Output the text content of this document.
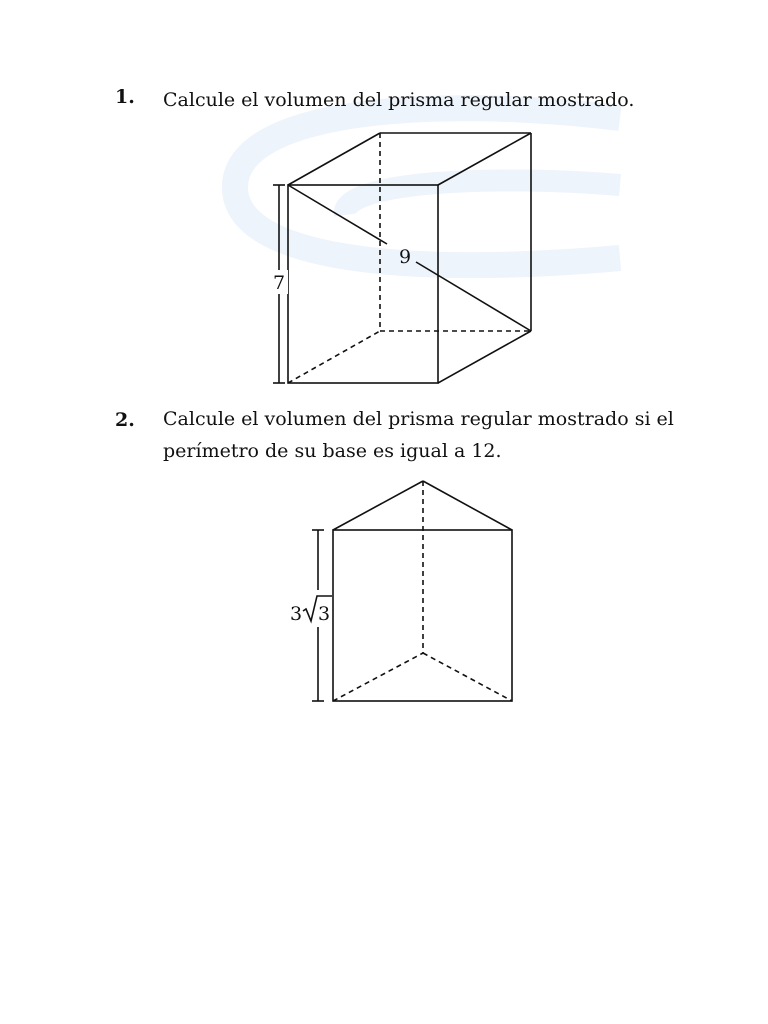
1. Calcule el volumen del prisma regular mostrado.
7
9
2. Calcule el volumen del prisma regular mostrado si el
perímetro de su base es igual a 12.
3 3
